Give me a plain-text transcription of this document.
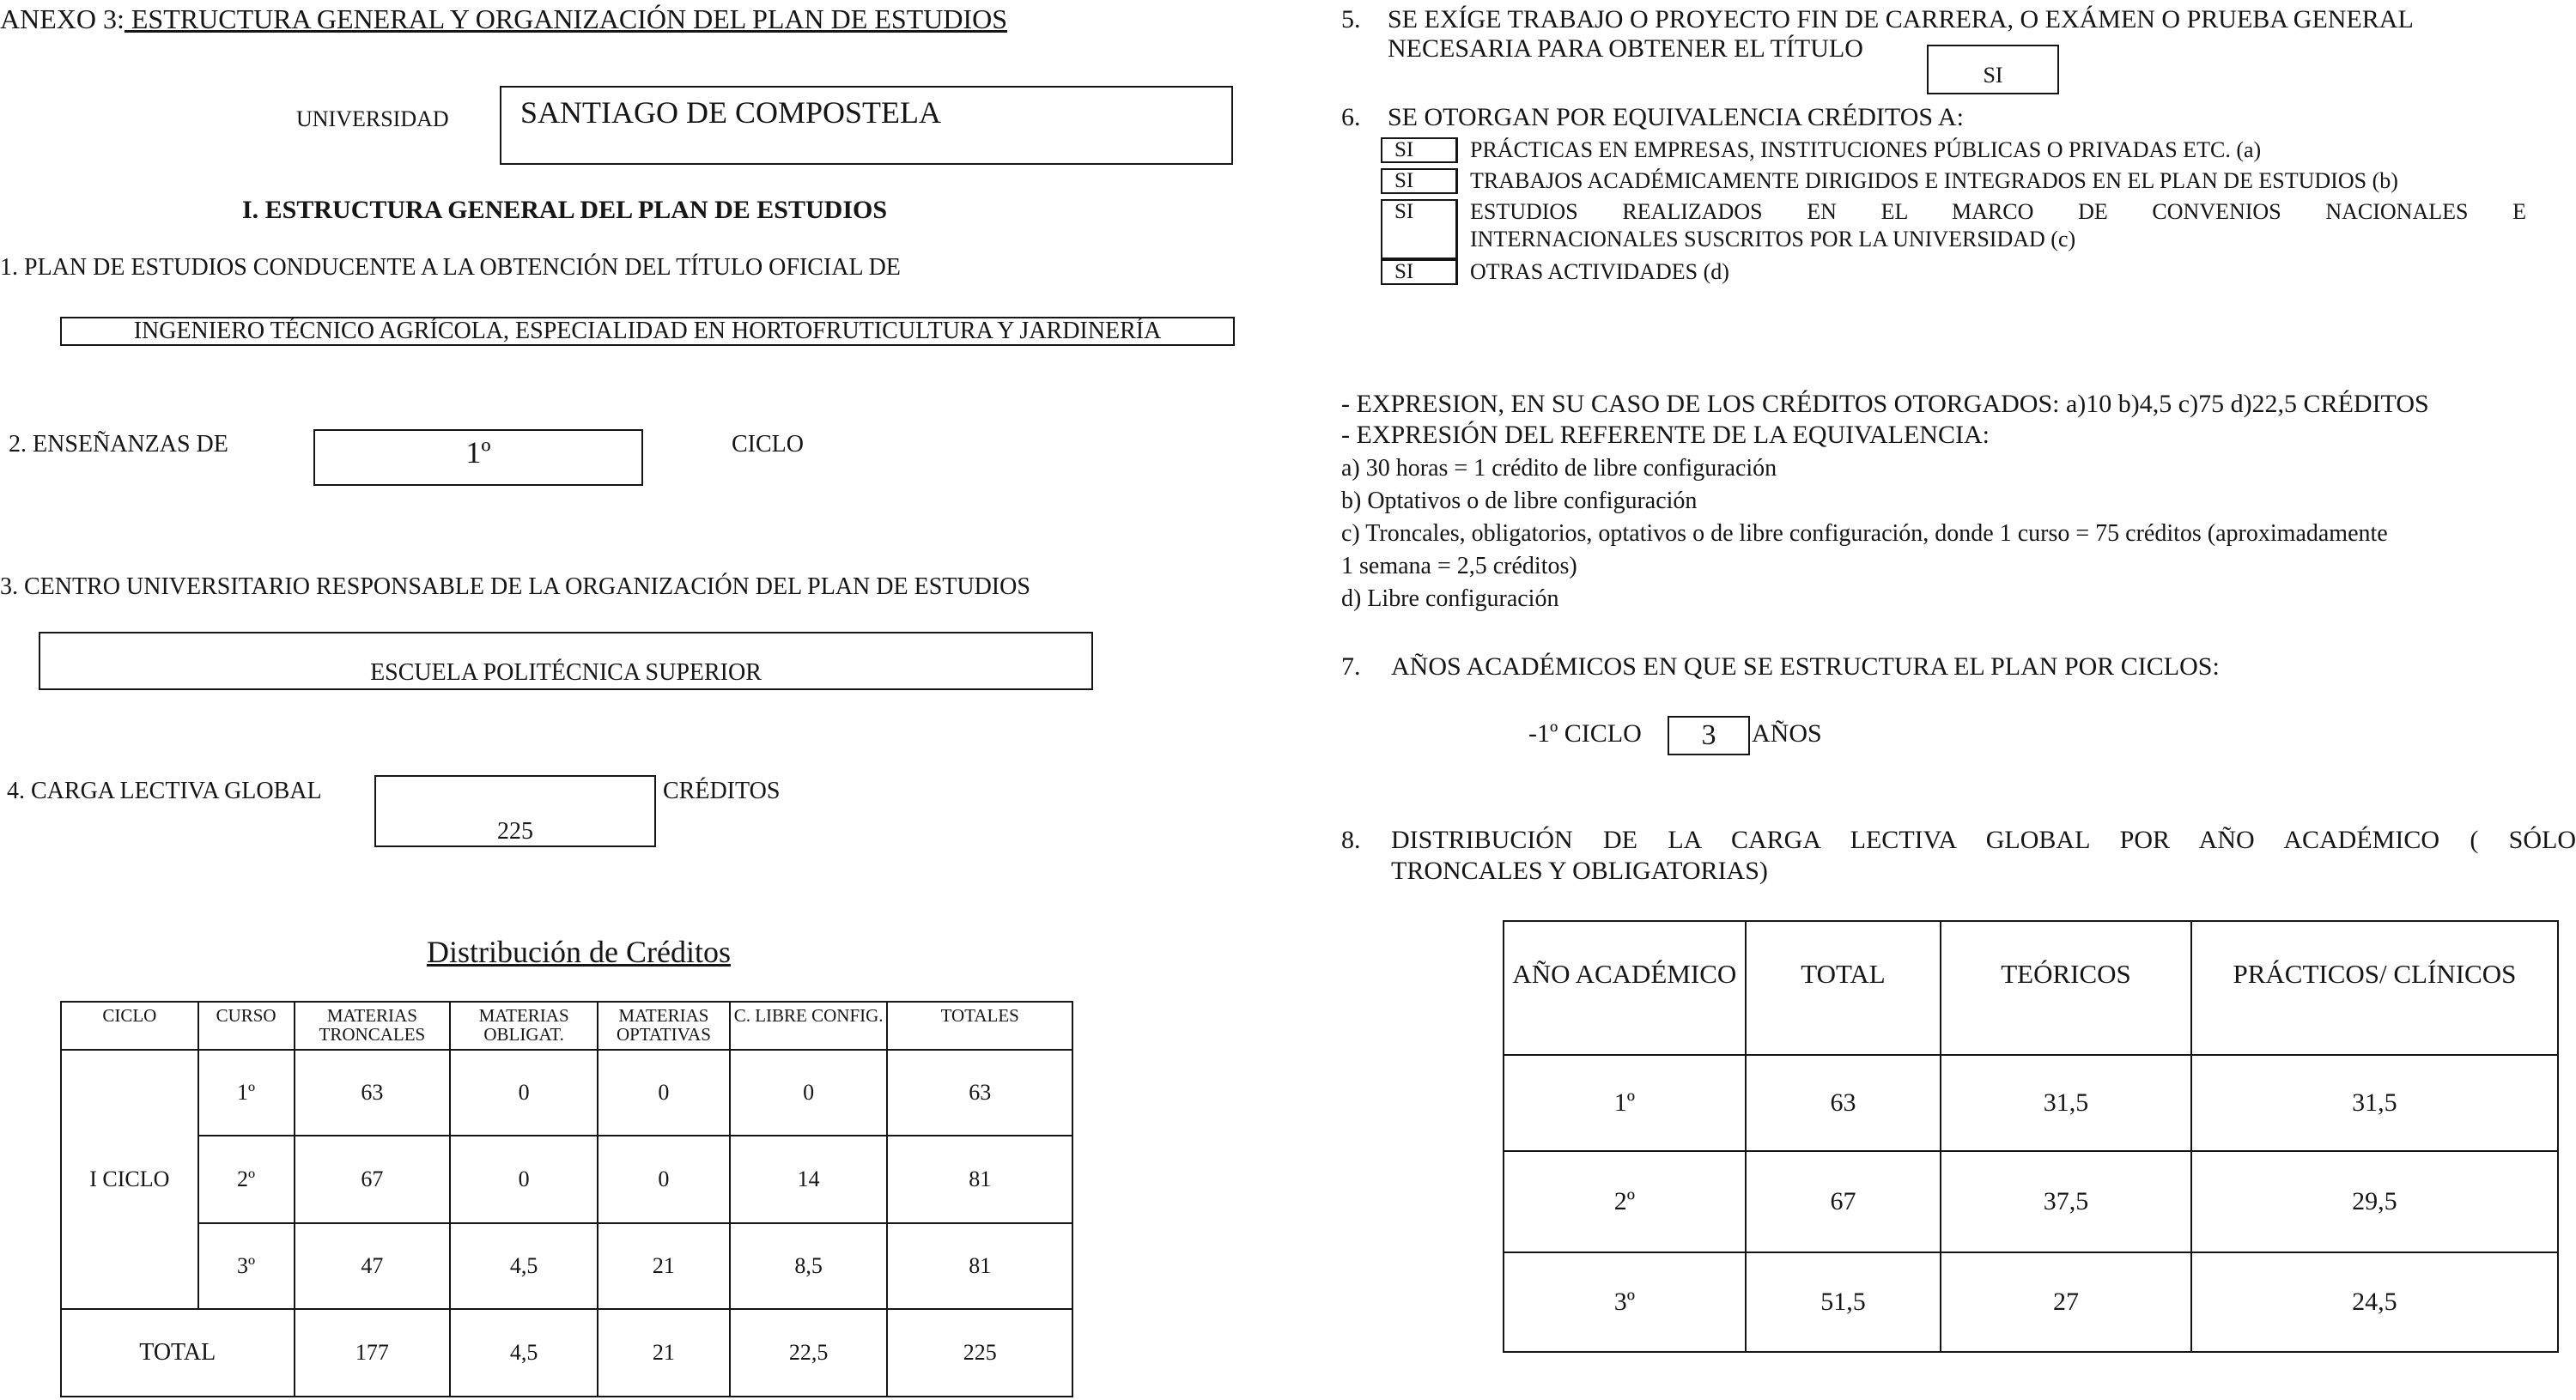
ANEXO 3: ESTRUCTURA GENERAL Y ORGANIZACIÓN DEL PLAN DE ESTUDIOS
UNIVERSIDAD SANTIAGO DE COMPOSTELA
I. ESTRUCTURA GENERAL DEL PLAN DE ESTUDIOS
1. PLAN DE ESTUDIOS CONDUCENTE A LA OBTENCIÓN DEL TÍTULO OFICIAL DE
INGENIERO TÉCNICO AGRÍCOLA, ESPECIALIDAD EN HORTOFRUTICULTURA Y JARDINERÍA
2. ENSEÑANZAS DE	1º	CICLO
3. CENTRO UNIVERSITARIO RESPONSABLE DE LA ORGANIZACIÓN DEL PLAN DE ESTUDIOS
ESCUELA POLITÉCNICA SUPERIOR
4. CARGA LECTIVA GLOBAL
225
CRÉDITOS
Distribución de Créditos
CICLO	CURSO	MATERIAS TRONCALES	MATERIAS OBLIGAT.	MATERIAS OPTATIVAS	C. LIBRE CONFIG.	TOTALES
I CICLO	1º	63	0	0	0	63
	2º	67	0	0	14	81
	3º	47	4,5	21	8,5	81
TOTAL		177	4,5	21	22,5	225
5. SE EXÍGE TRABAJO O PROYECTO FIN DE CARRERA, O EXÁMEN O PRUEBA GENERAL
NECESARIA PARA OBTENER EL TÍTULO
SI
6. SE OTORGAN POR EQUIVALENCIA CRÉDITOS A:
SI	PRÁCTICAS EN EMPRESAS, INSTITUCIONES PÚBLICAS O PRIVADAS ETC. (a)
SI	TRABAJOS ACADÉMICAMENTE DIRIGIDOS E INTEGRADOS EN EL PLAN DE ESTUDIOS (b)
SI	ESTUDIOS REALIZADOS EN EL MARCO DE CONVENIOS NACIONALES E
INTERNACIONALES SUSCRITOS POR LA UNIVERSIDAD (c)
SI	OTRAS ACTIVIDADES (d)
- EXPRESION, EN SU CASO DE LOS CRÉDITOS OTORGADOS: a)10 b)4,5 c)75 d)22,5 CRÉDITOS
- EXPRESIÓN DEL REFERENTE DE LA EQUIVALENCIA:
a) 30 horas = 1 crédito de libre configuración
b) Optativos o de libre configuración
c) Troncales, obligatorios, optativos o de libre configuración, donde 1 curso = 75 créditos (aproximadamente
1 semana = 2,5 créditos)
d) Libre configuración
7. AÑOS ACADÉMICOS EN QUE SE ESTRUCTURA EL PLAN POR CICLOS:
-1º CICLO 3 AÑOS
8. DISTRIBUCIÓN DE LA CARGA LECTIVA GLOBAL POR AÑO ACADÉMICO ( SÓLO
TRONCALES Y OBLIGATORIAS)
AÑO ACADÉMICO	TOTAL	TEÓRICOS	PRÁCTICOS/ CLÍNICOS
1º	63	31,5	31,5
2º	67	37,5	29,5
3º	51,5	27	24,5
